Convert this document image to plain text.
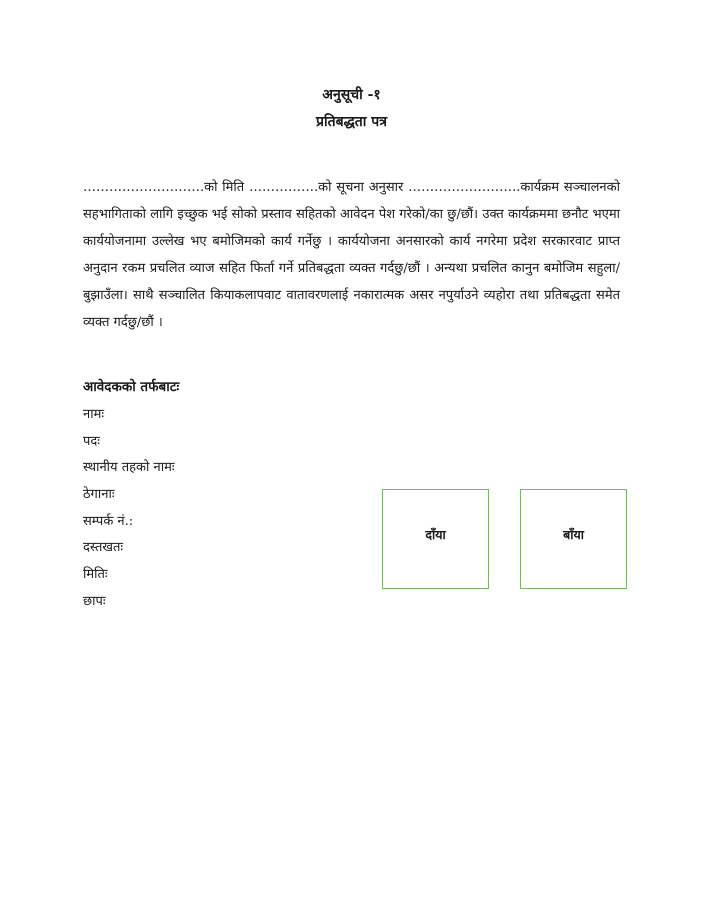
अनुसूची -१
प्रतिबद्धता पत्र
……………………….को मिति …………….को सूचना अनुसार ……………………..कार्यक्रम सञ्चालनको सहभागिताको लागि इच्छुक भई सोको प्रस्ताव सहितको आवेदन पेश गरेको/का छु/छौं। उक्त कार्यक्रममा छनौट भएमा कार्ययोजनामा उल्लेख भए बमोजिमको कार्य गर्नेछु । कार्ययोजना अनसारको कार्य नगरेमा प्रदेश सरकारवाट प्राप्त अनुदान रकम प्रचलित व्याज सहित फिर्ता गर्ने प्रतिबद्धता व्यक्त गर्दछु/छौं । अन्यथा प्रचलित कानुन बमोजिम सहुला/बुझाउँला। साथै सञ्चालित कियाकलापवाट वातावरणलाई नकारात्मक असर नपुर्याउने व्यहोरा तथा प्रतिबद्धता समेत व्यक्त गर्दछु/छौं ।
आवेदकको तर्फबाटः
नामः
पदः
स्थानीय तहको नामः
ठेगानाः
सम्पर्क नं.:
दस्तखतः
मितिः
छापः
दाँया	बाँया
